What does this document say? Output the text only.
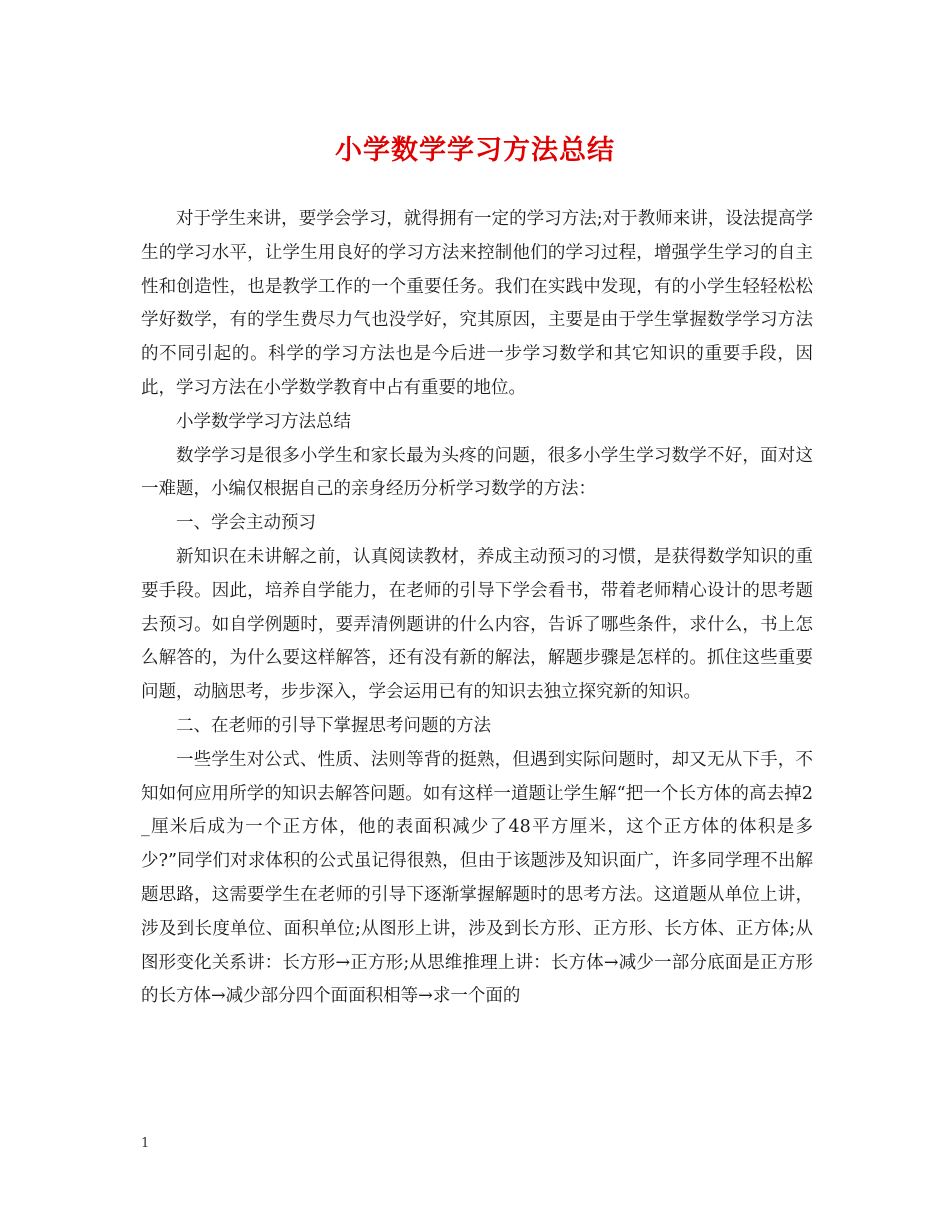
小学数学学习方法总结

对于学生来讲，要学会学习，就得拥有一定的学习方法;对于教师来讲，设法提高学生的学习水平，让学生用良好的学习方法来控制他们的学习过程，增强学生学习的自主性和创造性，也是教学工作的一个重要任务。我们在实践中发现，有的小学生轻轻松松学好数学，有的学生费尽力气也没学好，究其原因，主要是由于学生掌握数学学习方法的不同引起的。科学的学习方法也是今后进一步学习数学和其它知识的重要手段，因此，学习方法在小学数学教育中占有重要的地位。

小学数学学习方法总结

数学学习是很多小学生和家长最为头疼的问题，很多小学生学习数学不好，面对这一难题，小编仅根据自己的亲身经历分析学习数学的方法：

一、学会主动预习

新知识在未讲解之前，认真阅读教材，养成主动预习的习惯，是获得数学知识的重要手段。因此，培养自学能力，在老师的引导下学会看书，带着老师精心设计的思考题去预习。如自学例题时，要弄清例题讲的什么内容，告诉了哪些条件，求什么，书上怎么解答的，为什么要这样解答，还有没有新的解法，解题步骤是怎样的。抓住这些重要问题，动脑思考，步步深入，学会运用已有的知识去独立探究新的知识。

二、在老师的引导下掌握思考问题的方法

一些学生对公式、性质、法则等背的挺熟，但遇到实际问题时，却又无从下手，不知如何应用所学的知识去解答问题。如有这样一道题让学生解“把一个长方体的高去掉2_厘米后成为一个正方体，他的表面积减少了48平方厘米，这个正方体的体积是多少?”同学们对求体积的公式虽记得很熟，但由于该题涉及知识面广，许多同学理不出解题思路，这需要学生在老师的引导下逐渐掌握解题时的思考方法。这道题从单位上讲，涉及到长度单位、面积单位;从图形上讲，涉及到长方形、正方形、长方体、正方体;从图形变化关系讲：长方形→正方形;从思维推理上讲：长方体→减少一部分底面是正方形的长方体→减少部分四个面面积相等→求一个面的

1
